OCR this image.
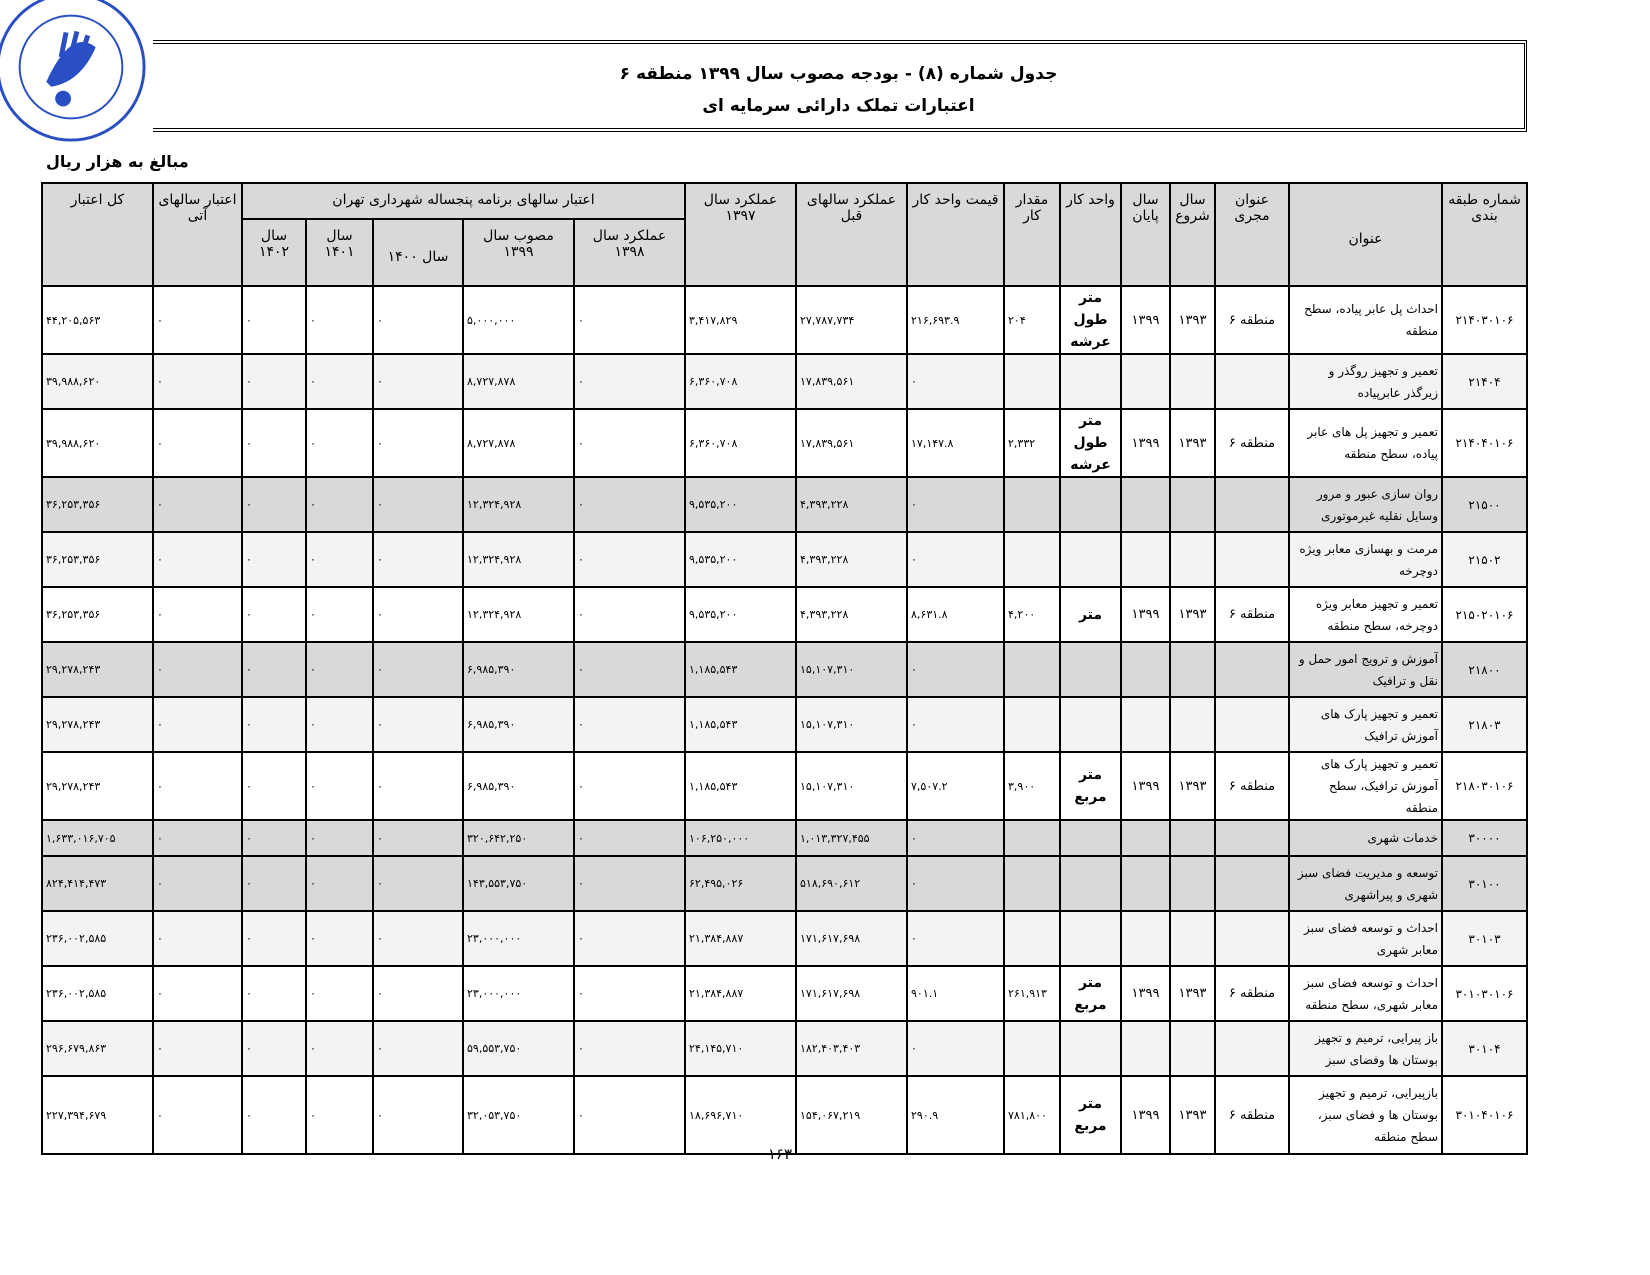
جدول شماره (۸) - بودجه مصوب سال ۱۳۹۹ منطقه ۶
اعتبارات تملک دارائی سرمایه ای
مبالغ به هزار ریال
شماره طبقه بندی	عنوان	عنوان مجری	سال شروع	سال پایان	واحد کار	مقدار کار	قیمت واحد کار	عملکرد سالهای قبل	عملکرد سال ۱۳۹۷	اعتبار سالهای برنامه پنجساله شهرداری تهران					اعتبار سالهای آتی	کل اعتبار
										عملکرد سال ۱۳۹۸	مصوب سال ۱۳۹۹	سال ۱۴۰۰	سال ۱۴۰۱	سال ۱۴۰۲		
۲۱۴۰۳۰۱۰۶	احداث پل عابر پیاده، سطح منطقه	منطقه ۶	۱۳۹۳	۱۳۹۹	متر طول عرشه	۲۰۴	۲۱۶,۶۹۳.۹	۲۷,۷۸۷,۷۳۴	۳,۴۱۷,۸۲۹	۰	۵,۰۰۰,۰۰۰	۰	۰	۰	۰	۴۴,۲۰۵,۵۶۳
۲۱۴۰۴	تعمیر و تجهیز روگذر و زیرگذر عابرپیاده						۰	۱۷,۸۳۹,۵۶۱	۶,۳۶۰,۷۰۸	۰	۸,۷۲۷,۸۷۸	۰	۰	۰	۰	۳۹,۹۸۸,۶۲۰
۲۱۴۰۴۰۱۰۶	تعمیر و تجهیز پل های عابر پیاده، سطح منطقه	منطقه ۶	۱۳۹۳	۱۳۹۹	متر طول عرشه	۲,۳۳۲	۱۷,۱۴۷.۸	۱۷,۸۳۹,۵۶۱	۶,۳۶۰,۷۰۸	۰	۸,۷۲۷,۸۷۸	۰	۰	۰	۰	۳۹,۹۸۸,۶۲۰
۲۱۵۰۰	روان سازی عبور و مرور وسایل نقلیه غیرموتوری						۰	۴,۳۹۳,۲۲۸	۹,۵۳۵,۲۰۰	۰	۱۲,۳۲۴,۹۲۸	۰	۰	۰	۰	۳۶,۲۵۳,۳۵۶
۲۱۵۰۲	مرمت و بهسازی معابر ویژه دوچرخه						۰	۴,۳۹۳,۲۲۸	۹,۵۳۵,۲۰۰	۰	۱۲,۳۲۴,۹۲۸	۰	۰	۰	۰	۳۶,۲۵۳,۳۵۶
۲۱۵۰۲۰۱۰۶	تعمیر و تجهیز معابر ویژه دوچرخه، سطح منطقه	منطقه ۶	۱۳۹۳	۱۳۹۹	متر	۴,۲۰۰	۸,۶۳۱.۸	۴,۳۹۳,۲۲۸	۹,۵۳۵,۲۰۰	۰	۱۲,۳۲۴,۹۲۸	۰	۰	۰	۰	۳۶,۲۵۳,۳۵۶
۲۱۸۰۰	آموزش و ترویج امور حمل و نقل و ترافیک						۰	۱۵,۱۰۷,۳۱۰	۱,۱۸۵,۵۴۳	۰	۶,۹۸۵,۳۹۰	۰	۰	۰	۰	۲۹,۲۷۸,۲۴۳
۲۱۸۰۳	تعمیر و تجهیز پارک های آموزش ترافیک						۰	۱۵,۱۰۷,۳۱۰	۱,۱۸۵,۵۴۳	۰	۶,۹۸۵,۳۹۰	۰	۰	۰	۰	۲۹,۲۷۸,۲۴۳
۲۱۸۰۳۰۱۰۶	تعمیر و تجهیز پارک های آموزش ترافیک، سطح منطقه	منطقه ۶	۱۳۹۳	۱۳۹۹	متر مربع	۳,۹۰۰	۷,۵۰۷.۲	۱۵,۱۰۷,۳۱۰	۱,۱۸۵,۵۴۳	۰	۶,۹۸۵,۳۹۰	۰	۰	۰	۰	۲۹,۲۷۸,۲۴۳
۳۰۰۰۰	خدمات شهری						۰	۱,۰۱۳,۳۲۷,۴۵۵	۱۰۶,۲۵۰,۰۰۰	۰	۳۲۰,۶۴۲,۲۵۰	۰	۰	۰	۰	۱,۶۳۳,۰۱۶,۷۰۵
۳۰۱۰۰	توسعه و مدیریت فضای سبز شهری و پیراشهری						۰	۵۱۸,۶۹۰,۶۱۲	۶۲,۴۹۵,۰۲۶	۰	۱۴۳,۵۵۳,۷۵۰	۰	۰	۰	۰	۸۲۴,۴۱۴,۴۷۳
۳۰۱۰۳	احداث و توسعه فضای سبز معابر شهری						۰	۱۷۱,۶۱۷,۶۹۸	۲۱,۳۸۴,۸۸۷	۰	۲۳,۰۰۰,۰۰۰	۰	۰	۰	۰	۲۳۶,۰۰۲,۵۸۵
۳۰۱۰۳۰۱۰۶	احداث و توسعه فضای سبز معابر شهری، سطح منطقه	منطقه ۶	۱۳۹۳	۱۳۹۹	متر مربع	۲۶۱,۹۱۳	۹۰۱.۱	۱۷۱,۶۱۷,۶۹۸	۲۱,۳۸۴,۸۸۷	۰	۲۳,۰۰۰,۰۰۰	۰	۰	۰	۰	۲۳۶,۰۰۲,۵۸۵
۳۰۱۰۴	باز پیرایی، ترمیم و تجهیز بوستان ها وفضای سبز						۰	۱۸۲,۴۰۳,۴۰۳	۲۴,۱۴۵,۷۱۰	۰	۵۹,۵۵۳,۷۵۰	۰	۰	۰	۰	۲۹۶,۶۷۹,۸۶۳
۳۰۱۰۴۰۱۰۶	بازپیرایی، ترمیم و تجهیز بوستان ها و فضای سبز، سطح منطقه	منطقه ۶	۱۳۹۳	۱۳۹۹	متر مربع	۷۸۱,۸۰۰	۲۹۰.۹	۱۵۴,۰۶۷,۲۱۹	۱۸,۶۹۶,۷۱۰	۰	۳۲,۰۵۳,۷۵۰	۰	۰	۰	۰	۲۲۷,۳۹۴,۶۷۹
۱۶۳
